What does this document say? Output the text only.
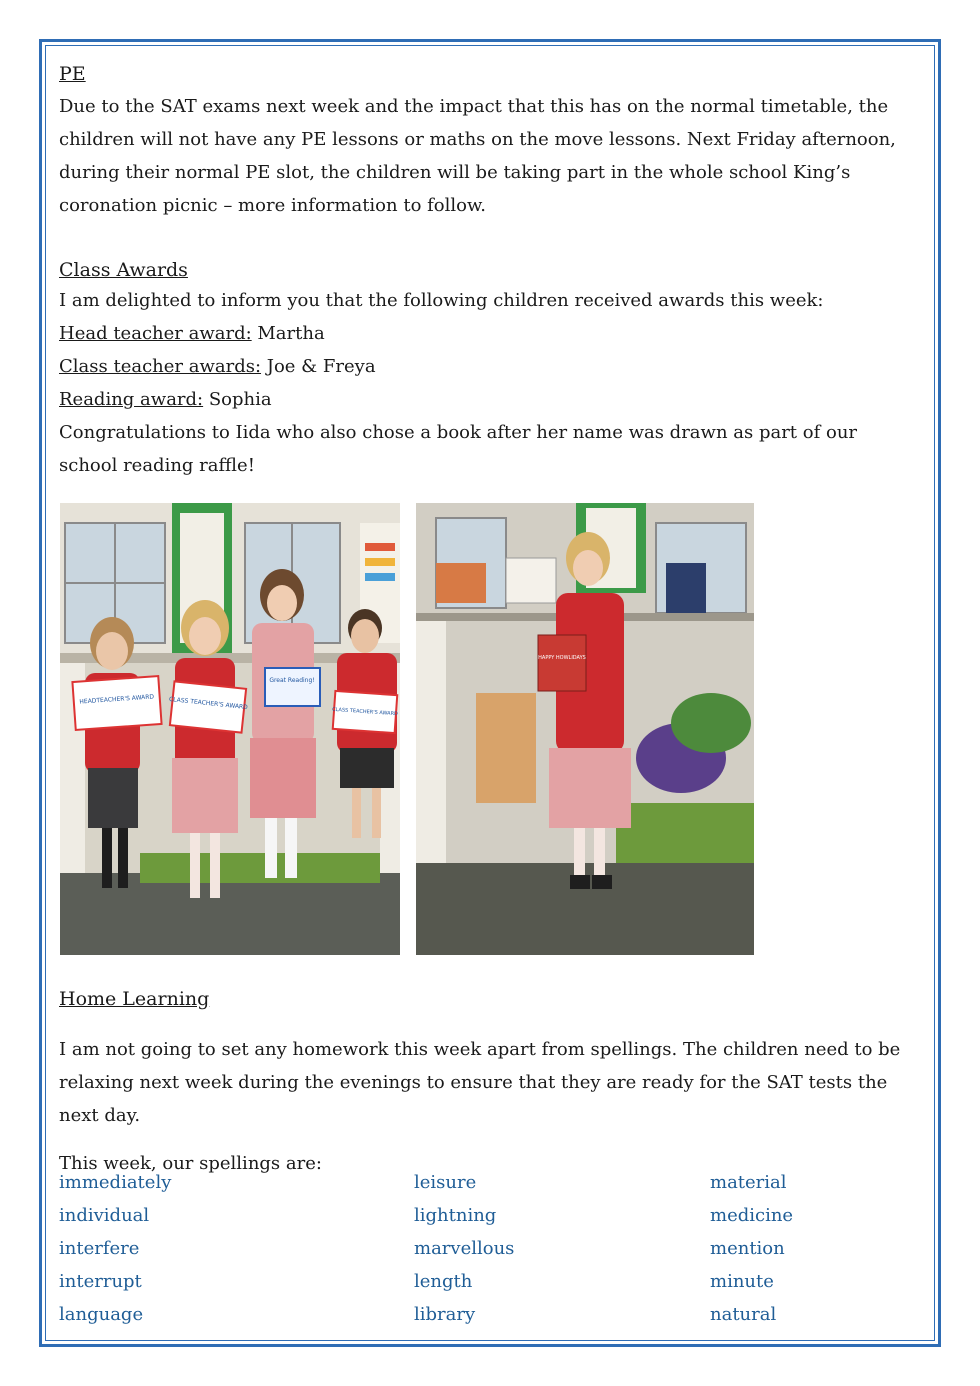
PE

Due to the SAT exams next week and the impact that this has on the normal timetable, the children will not have any PE lessons or maths on the move lessons. Next Friday afternoon, during their normal PE slot, the children will be taking part in the whole school King’s coronation picnic – more information to follow.

Class Awards

I am delighted to inform you that the following children received awards this week:

Head teacher award: Martha

Class teacher awards: Joe & Freya

Reading award: Sophia

Congratulations to Iida who also chose a book after her name was drawn as part of our school reading raffle!

HEADTEACHER'S AWARD CLASS TEACHER'S AWARD
Great Reading!
CLASS TEACHER'S AWARD
HAPPY HOWLIDAYS
Home Learning

I am not going to set any homework this week apart from spellings. The children need to be relaxing next week during the evenings to ensure that they are ready for the SAT tests the next day.

This week, our spellings are:

immediately
individual
interfere
interrupt
language
leisure
lightning
marvellous
length
library
material
medicine
mention
minute
natural
